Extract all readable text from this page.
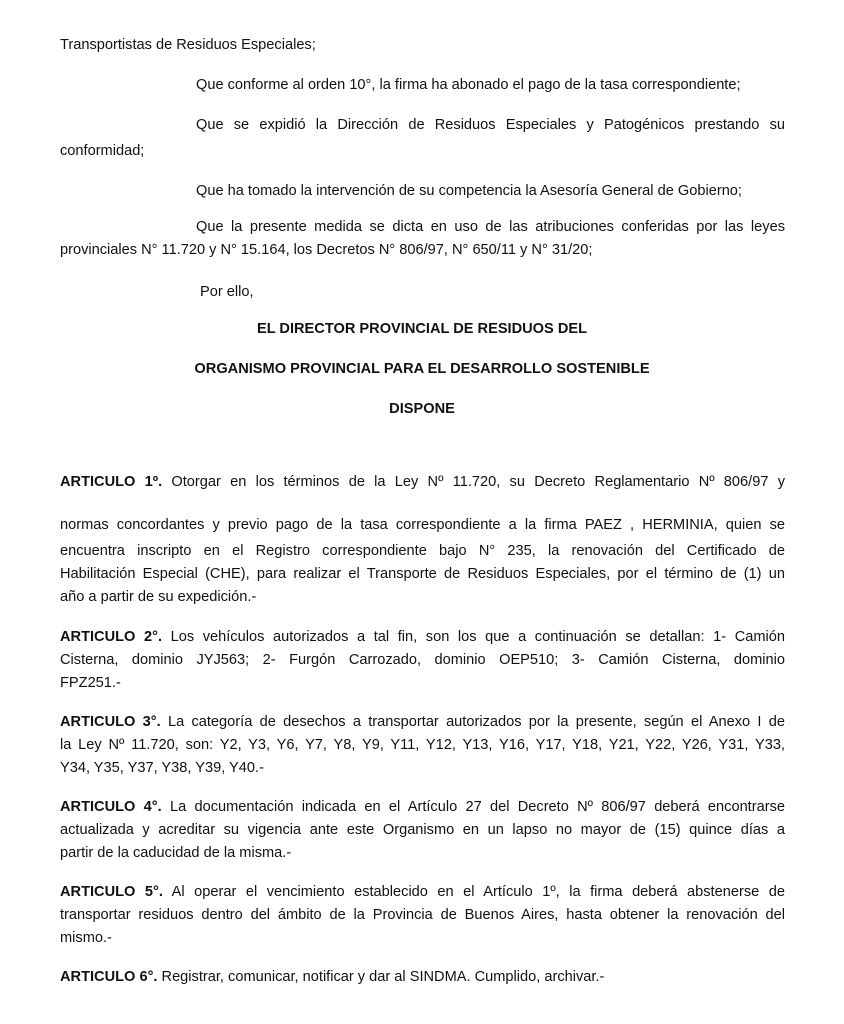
Transportistas de Residuos Especiales;
Que conforme al orden 10°, la firma ha abonado el pago de la tasa correspondiente;
Que se expidió la Dirección de Residuos Especiales y Patogénicos prestando su
conformidad;
Que ha tomado la intervención de su competencia la Asesoría General de Gobierno;
Que la presente medida se dicta en uso de las atribuciones conferidas por las leyes
provinciales N° 11.720 y N° 15.164, los Decretos N° 806/97, N° 650/11 y N° 31/20;
Por ello,
EL DIRECTOR PROVINCIAL DE RESIDUOS DEL
ORGANISMO PROVINCIAL PARA EL DESARROLLO SOSTENIBLE
DISPONE
ARTICULO 1º. Otorgar en los términos de la Ley Nº 11.720, su Decreto Reglamentario Nº 806/97 y
normas concordantes y previo pago de la tasa correspondiente a la firma PAEZ , HERMINIA, quien se
encuentra inscripto en el Registro correspondiente bajo N° 235, la renovación del Certificado de
Habilitación Especial (CHE), para realizar el Transporte de Residuos Especiales, por el término de (1) un
año a partir de su expedición.-
ARTICULO 2°. Los vehículos autorizados a tal fin, son los que a continuación se detallan: 1- Camión
Cisterna, dominio JYJ563; 2- Furgón Carrozado, dominio OEP510; 3- Camión Cisterna, dominio
FPZ251.-
ARTICULO 3°. La categoría de desechos a transportar autorizados por la presente, según el Anexo I de
la Ley Nº 11.720, son: Y2, Y3, Y6, Y7, Y8, Y9, Y11, Y12, Y13, Y16, Y17, Y18, Y21, Y22, Y26, Y31, Y33,
Y34, Y35, Y37, Y38, Y39, Y40.-
ARTICULO 4°. La documentación indicada en el Artículo 27 del Decreto Nº 806/97 deberá encontrarse
actualizada y acreditar su vigencia ante este Organismo en un lapso no mayor de (15) quince días a
partir de la caducidad de la misma.-
ARTICULO 5°. Al operar el vencimiento establecido en el Artículo 1º, la firma deberá abstenerse de
transportar residuos dentro del ámbito de la Provincia de Buenos Aires, hasta obtener la renovación del
mismo.-
ARTICULO 6°. Registrar, comunicar, notificar y dar al SINDMA. Cumplido, archivar.-
